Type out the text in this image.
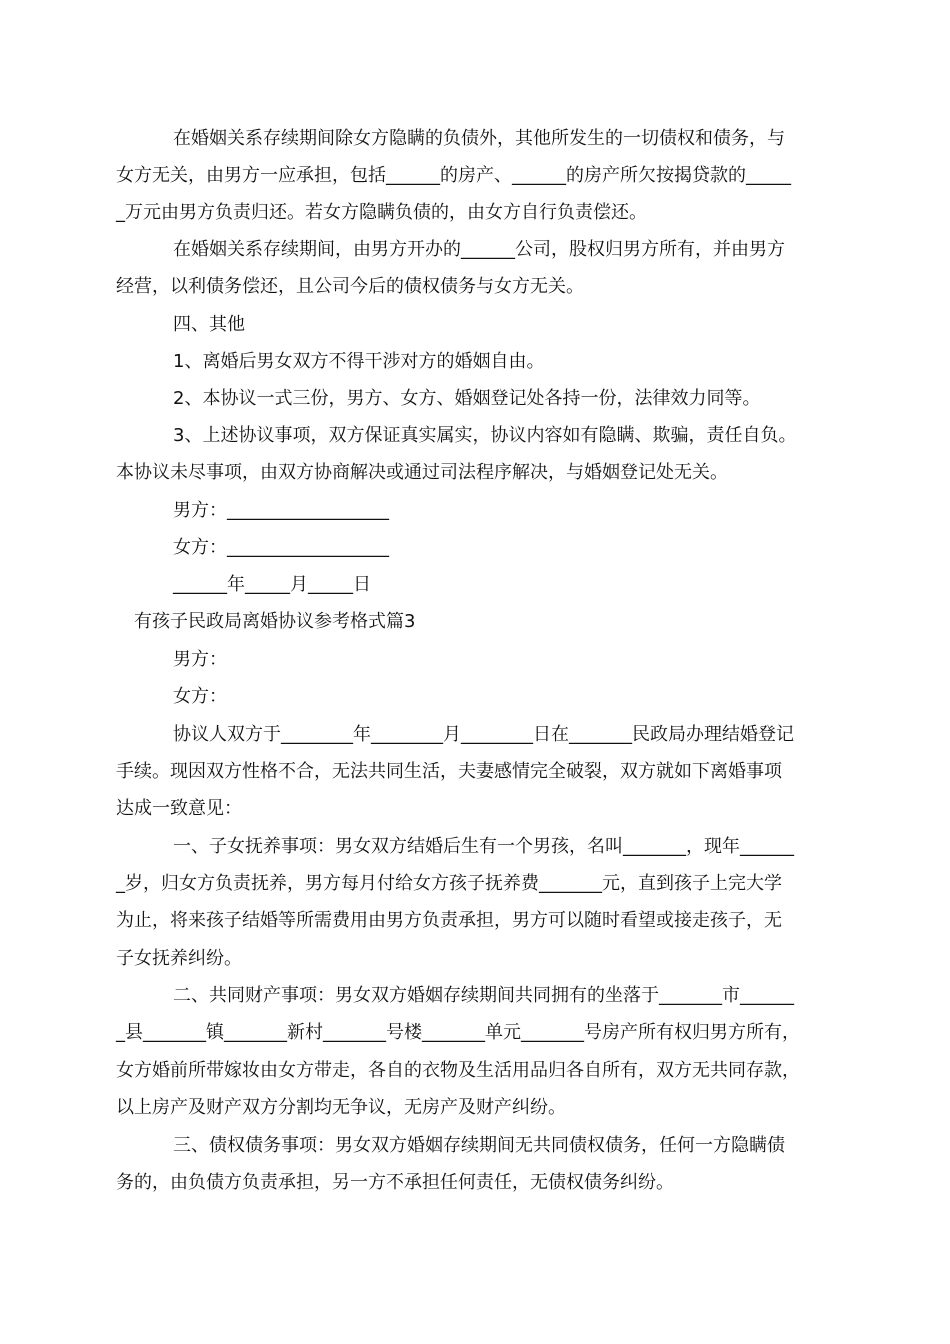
在婚姻关系存续期间除女方隐瞒的负债外，其他所发生的一切债权和债务，与
女方无关，由男方一应承担，包括______的房产、______的房产所欠按揭贷款的_____
_万元由男方负责归还。若女方隐瞒负债的，由女方自行负责偿还。
在婚姻关系存续期间，由男方开办的______公司，股权归男方所有，并由男方
经营，以利债务偿还，且公司今后的债权债务与女方无关。
四、其他
1、离婚后男女双方不得干涉对方的婚姻自由。
2、本协议一式三份，男方、女方、婚姻登记处各持一份，法律效力同等。
3、上述协议事项，双方保证真实属实，协议内容如有隐瞒、欺骗，责任自负。
本协议未尽事项，由双方协商解决或通过司法程序解决，与婚姻登记处无关。
男方：__________________
女方：__________________
______年_____月_____日
有孩子民政局离婚协议参考格式篇3
男方：
女方：
协议人双方于________年________月________日在_______民政局办理结婚登记
手续。现因双方性格不合，无法共同生活，夫妻感情完全破裂，双方就如下离婚事项
达成一致意见：
一、子女抚养事项：男女双方结婚后生有一个男孩，名叫_______，现年______
_岁，归女方负责抚养，男方每月付给女方孩子抚养费_______元，直到孩子上完大学
为止，将来孩子结婚等所需费用由男方负责承担，男方可以随时看望或接走孩子，无
子女抚养纠纷。
二、共同财产事项：男女双方婚姻存续期间共同拥有的坐落于_______市______
_县_______镇_______新村_______号楼_______单元_______号房产所有权归男方所有，
女方婚前所带嫁妆由女方带走，各自的衣物及生活用品归各自所有，双方无共同存款，
以上房产及财产双方分割均无争议，无房产及财产纠纷。
三、债权债务事项：男女双方婚姻存续期间无共同债权债务，任何一方隐瞒债
务的，由负债方负责承担，另一方不承担任何责任，无债权债务纠纷。
